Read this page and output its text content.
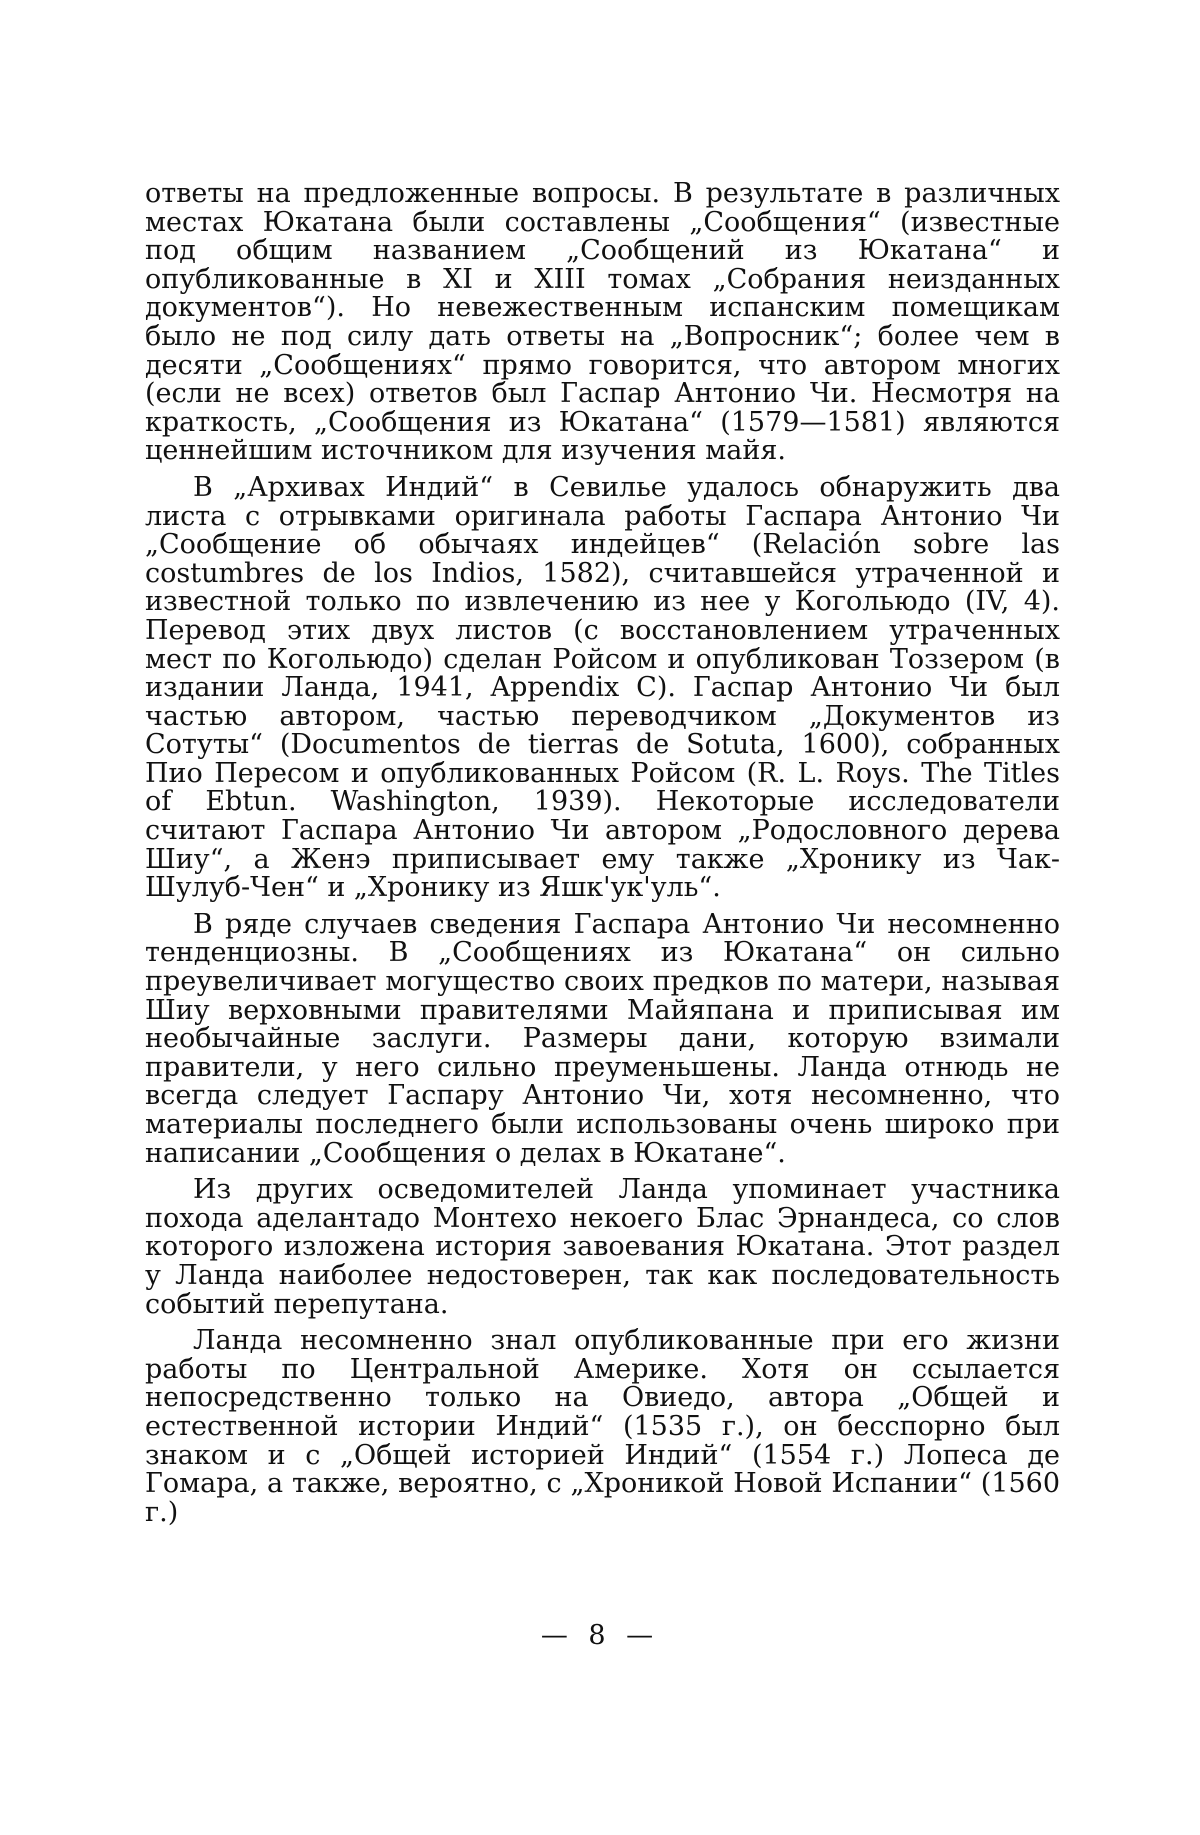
ответы на предложенные вопросы. В результате в различных местах Юкатана были составлены „Сообщения“ (известные под общим названием „Сообщений из Юкатана“ и опубликованные в XI и XIII томах „Собрания неизданных документов“). Но невежественным испанским помещикам было не под силу дать ответы на „Вопросник“; более чем в десяти „Сообщениях“ прямо говорится, что автором многих (если не всех) ответов был Гаспар Антонио Чи. Несмотря на краткость, „Сообщения из Юкатана“ (1579—1581) являются ценнейшим источником для изучения майя.

В „Архивах Индий“ в Севилье удалось обнаружить два листа с отрывками оригинала работы Гаспара Антонио Чи „Сообщение об обычаях индейцев“ (Relación sobre las costumbres de los Indios, 1582), считавшейся утраченной и известной только по извлечению из нее у Когольюдо (IV, 4). Перевод этих двух листов (с восстановлением утраченных мест по Когольюдо) сделан Ройсом и опубликован Тоззером (в издании Ланда, 1941, Appendix С). Гаспар Антонио Чи был частью автором, частью переводчиком „Документов из Сотуты“ (Documentos de tierras de Sotuta, 1600), собранных Пио Пересом и опубликованных Ройсом (R. L. Roys. The Titles of Ebtun. Washington, 1939). Некоторые исследователи считают Гаспара Антонио Чи автором „Родословного дерева Шиу“, а Женэ приписывает ему также „Хронику из Чак-Шулуб-Чен“ и „Хронику из Яшк'ук'уль“.

В ряде случаев сведения Гаспара Антонио Чи несомненно тенденциозны. В „Сообщениях из Юкатана“ он сильно преувеличивает могущество своих предков по матери, называя Шиу верховными правителями Майяпана и приписывая им необычайные заслуги. Размеры дани, которую взимали правители, у него сильно преуменьшены. Ланда отнюдь не всегда следует Гаспару Антонио Чи, хотя несомненно, что материалы последнего были использованы очень широко при написании „Сообщения о делах в Юкатане“.

Из других осведомителей Ланда упоминает участника похода аделантадо Монтехо некоего Блас Эрнандеса, со слов которого изложена история завоевания Юкатана. Этот раздел у Ланда наиболее недостоверен, так как последовательность событий перепутана.

Ланда несомненно знал опубликованные при его жизни работы по Центральной Америке. Хотя он ссылается непосредственно только на Овиедо, автора „Общей и естественной истории Индий“ (1535 г.), он бесспорно был знаком и с „Общей историей Индий“ (1554 г.) Лопеса де Гомара, а также, вероятно, с „Хроникой Новой Испании“ (1560 г.)

— 8 —
